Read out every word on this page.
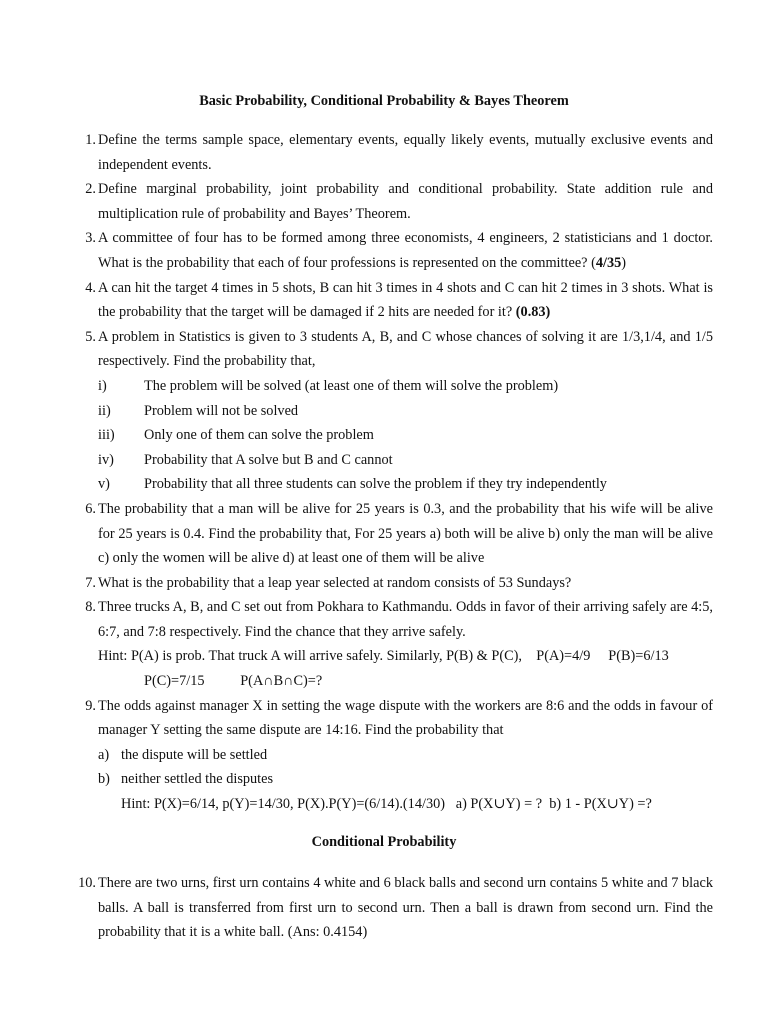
Basic Probability, Conditional Probability & Bayes Theorem
1. Define the terms sample space, elementary events, equally likely events, mutually exclusive events and independent events.
2. Define marginal probability, joint probability and conditional probability. State addition rule and multiplication rule of probability and Bayes’ Theorem.
3. A committee of four has to be formed among three economists, 4 engineers, 2 statisticians and 1 doctor. What is the probability that each of four professions is represented on the committee? (4/35)
4. A can hit the target 4 times in 5 shots, B can hit 3 times in 4 shots and C can hit 2 times in 3 shots. What is the probability that the target will be damaged if 2 hits are needed for it? (0.83)
5. A problem in Statistics is given to 3 students A, B, and C whose chances of solving it are 1/3,1/4, and 1/5 respectively. Find the probability that,
i)	The problem will be solved (at least one of them will solve the problem)
ii) Problem will not be solved
iii) Only one of them can solve the problem
iv) Probability that A solve but B and C cannot
v) Probability that all three students can solve the problem if they try independently
6. The probability that a man will be alive for 25 years is 0.3, and the probability that his wife will be alive for 25 years is 0.4. Find the probability that, For 25 years a) both will be alive b) only the man will be alive c) only the women will be alive d) at least one of them will be alive
7. What is the probability that a leap year selected at random consists of 53 Sundays?
8. Three trucks A, B, and C set out from Pokhara to Kathmandu. Odds in favor of their arriving safely are 4:5, 6:7, and 7:8 respectively. Find the chance that they arrive safely.
Hint: P(A) is prob. That truck A will arrive safely. Similarly, P(B) & P(C),    P(A)=4/9     P(B)=6/13
P(C)=7/15          P(A∩B∩C)=?
9. The odds against manager X in setting the wage dispute with the workers are 8:6 and the odds in favour of manager Y setting the same dispute are 14:16. Find the probability that
a) the dispute will be settled
b) neither settled the disputes
Hint: P(X)=6/14, p(Y)=14/30, P(X).P(Y)=(6/14).(14/30)   a) P(X∪Y) = ?  b) 1 - P(X∪Y) =?
Conditional Probability
10. There are two urns, first urn contains 4 white and 6 black balls and second urn contains 5 white and 7 black balls. A ball is transferred from first urn to second urn. Then a ball is drawn from second urn. Find the probability that it is a white ball. (Ans: 0.4154)
